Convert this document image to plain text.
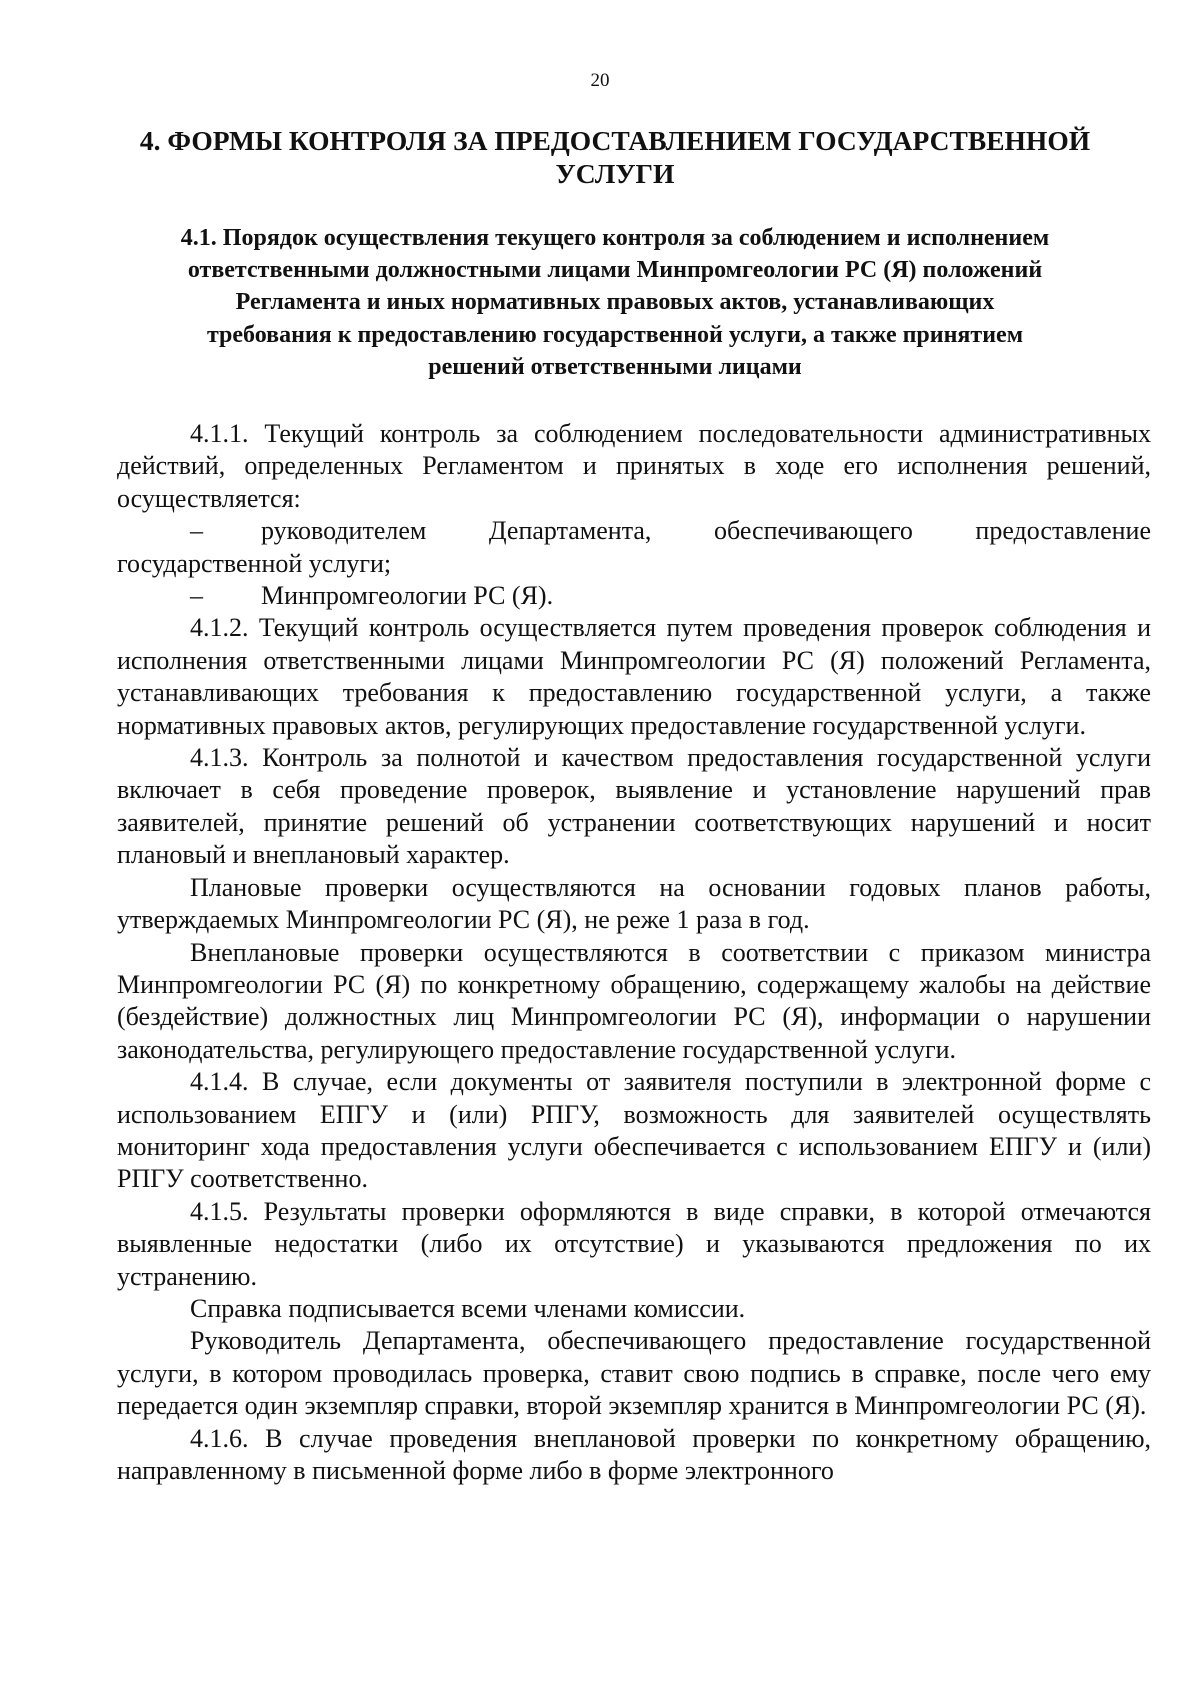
20
4. ФОРМЫ КОНТРОЛЯ ЗА ПРЕДОСТАВЛЕНИЕМ ГОСУДАРСТВЕННОЙ
УСЛУГИ
4.1. Порядок осуществления текущего контроля за соблюдением и исполнением
ответственными должностными лицами Минпромгеологии РС (Я) положений
Регламента и иных нормативных правовых актов, устанавливающих
требования к предоставлению государственной услуги, а также принятием
решений ответственными лицами

4.1.1. Текущий контроль за соблюдением последовательности административных действий, определенных Регламентом и принятых в ходе его исполнения решений, осуществляется:

– руководителем Департамента, обеспечивающего предоставление государственной услуги;

– Минпромгеологии РС (Я).

4.1.2. Текущий контроль осуществляется путем проведения проверок соблюдения и исполнения ответственными лицами Минпромгеологии РС (Я) положений Регламента, устанавливающих требования к предоставлению государственной услуги, а также нормативных правовых актов, регулирующих предоставление государственной услуги.

4.1.3. Контроль за полнотой и качеством предоставления государственной услуги включает в себя проведение проверок, выявление и установление нарушений прав заявителей, принятие решений об устранении соответствующих нарушений и носит плановый и внеплановый характер.

Плановые проверки осуществляются на основании годовых планов работы, утверждаемых Минпромгеологии РС (Я), не реже 1 раза в год.

Внеплановые проверки осуществляются в соответствии с приказом министра Минпромгеологии РС (Я) по конкретному обращению, содержащему жалобы на действие (бездействие) должностных лиц Минпромгеологии РС (Я), информации о нарушении законодательства, регулирующего предоставление государственной услуги.

4.1.4. В случае, если документы от заявителя поступили в электронной форме с использованием ЕПГУ и (или) РПГУ, возможность для заявителей осуществлять мониторинг хода предоставления услуги обеспечивается с использованием ЕПГУ и (или) РПГУ соответственно.

4.1.5. Результаты проверки оформляются в виде справки, в которой отмечаются выявленные недостатки (либо их отсутствие) и указываются предложения по их устранению.

Справка подписывается всеми членами комиссии.

Руководитель Департамента, обеспечивающего предоставление государственной услуги, в котором проводилась проверка, ставит свою подпись в справке, после чего ему передается один экземпляр справки, второй экземпляр хранится в Минпромгеологии РС (Я).

4.1.6. В случае проведения внеплановой проверки по конкретному обращению, направленному в письменной форме либо в форме электронного
